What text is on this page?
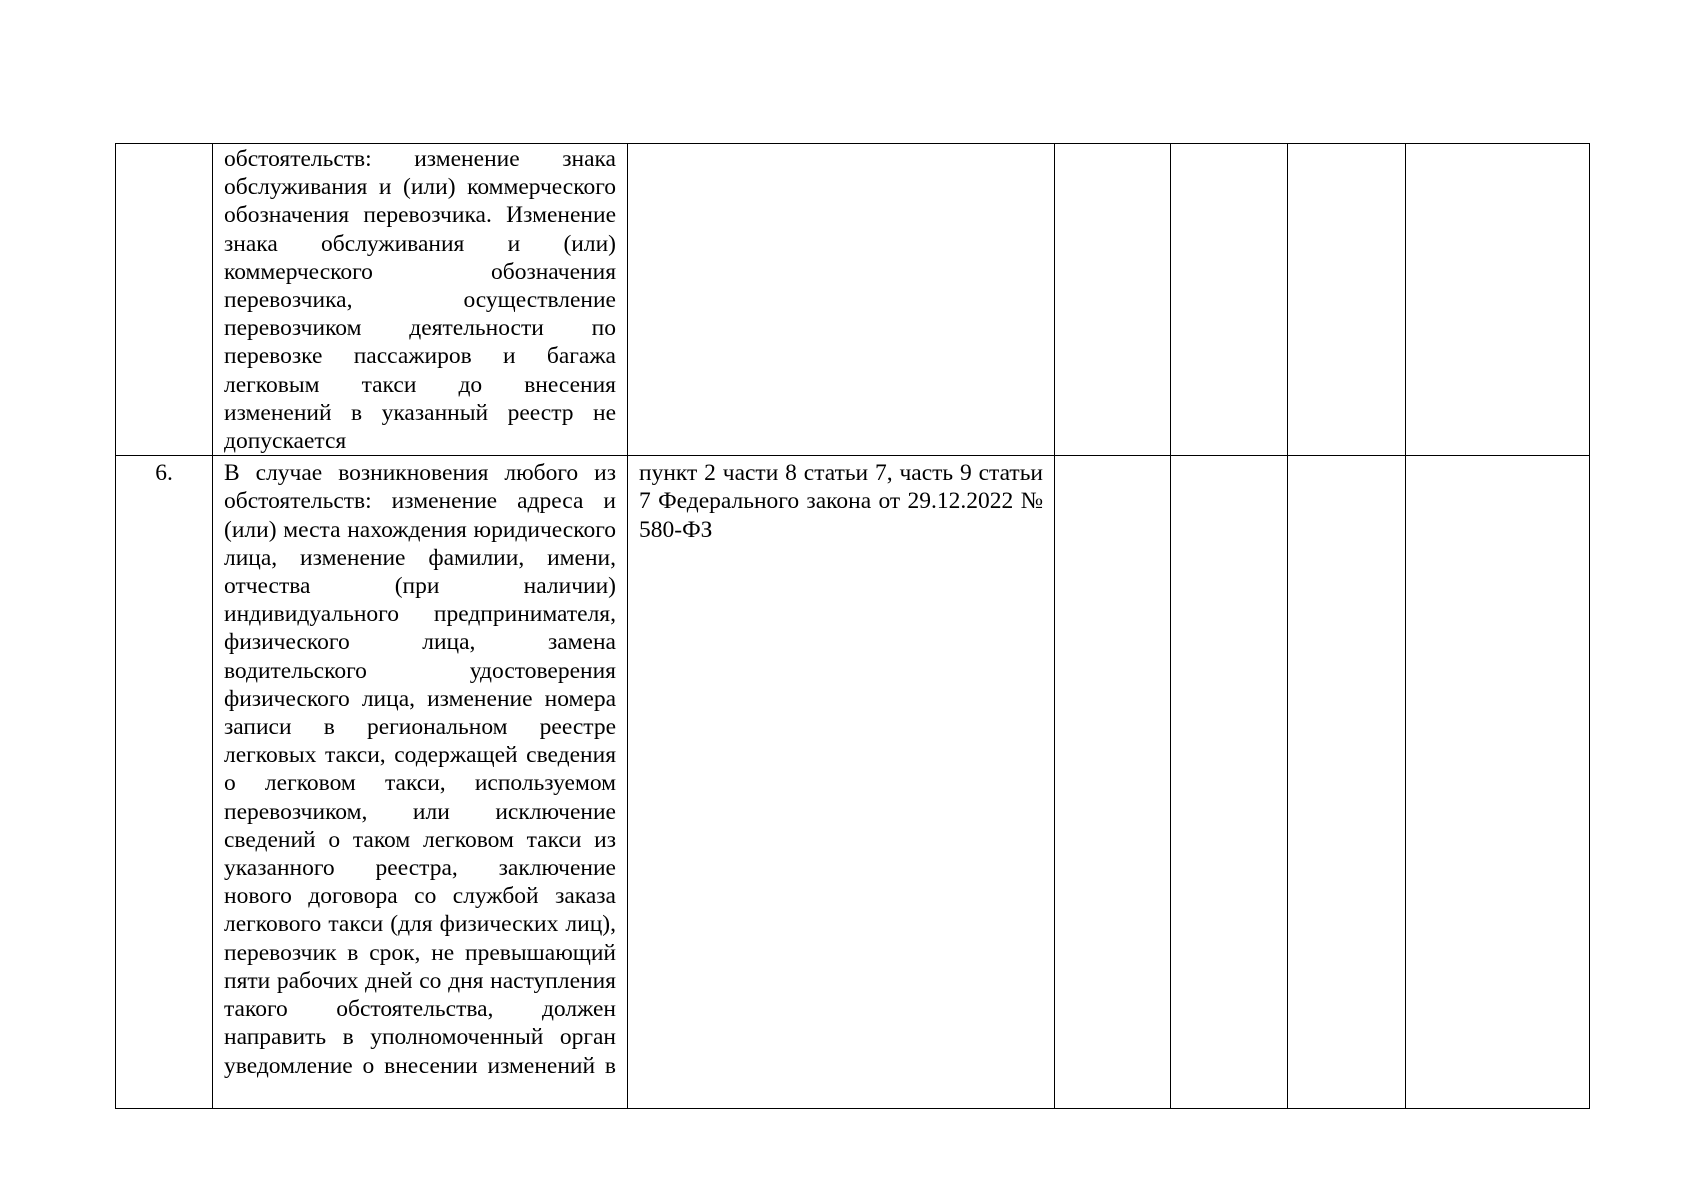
	обстоятельств: изменение знака обслуживания и (или) коммерческого обозначения перевозчика. Изменение знака обслуживания и (или) коммерческого обозначения перевозчика, осуществление перевозчиком деятельности по перевозке пассажиров и багажа легковым такси до внесения изменений в указанный реестр не допускается					

6.	В случае возникновения любого из обстоятельств: изменение адреса и (или) места нахождения юридического лица, изменение фамилии, имени, отчества (при наличии) индивидуального предпринимателя, физического лица, замена водительского удостоверения физического лица, изменение номера записи в региональном реестре легковых такси, содержащей сведения о легковом такси, используемом перевозчиком, или исключение сведений о таком легковом такси из указанного реестра, заключение нового договора со службой заказа легкового такси (для физических лиц), перевозчик в срок, не превышающий пяти рабочих дней со дня наступления такого обстоятельства, должен направить в уполномоченный орган уведомление о внесении изменений в	пункт 2 части 8 статьи 7, часть 9 статьи 7 Федерального закона от 29.12.2022 № 580-ФЗ				
